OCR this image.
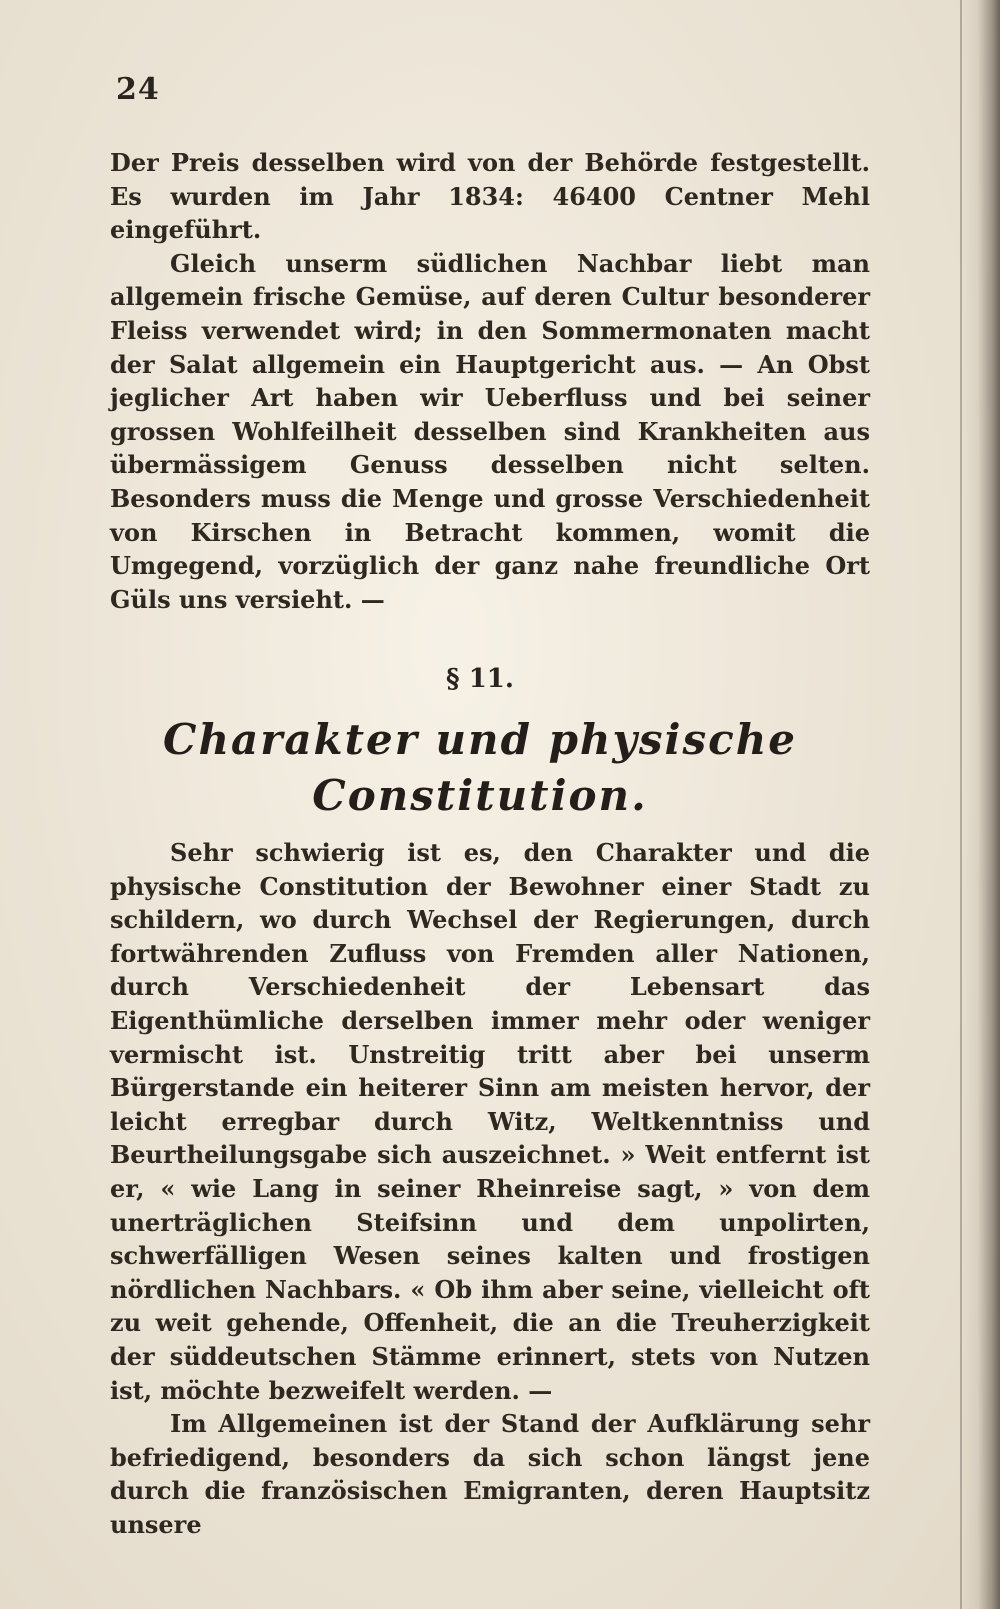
24

Der Preis desselben wird von der Behörde festgestellt. Es wurden im Jahr 1834: 46400 Centner Mehl eingeführt.

Gleich unserm südlichen Nachbar liebt man allgemein frische Gemüse, auf deren Cultur besonderer Fleiss verwendet wird; in den Sommermonaten macht der Salat allgemein ein Hauptgericht aus. — An Obst jeglicher Art haben wir Ueberfluss und bei seiner grossen Wohlfeilheit desselben sind Krankheiten aus übermässigem Genuss desselben nicht selten. Besonders muss die Menge und grosse Verschiedenheit von Kirschen in Betracht kommen, womit die Umgegend, vorzüglich der ganz nahe freundliche Ort Güls uns versieht. —

§ 11.
Charakter und physische
Constitution.

Sehr schwierig ist es, den Charakter und die physische Constitution der Bewohner einer Stadt zu schildern, wo durch Wechsel der Regierungen, durch fortwährenden Zufluss von Fremden aller Nationen, durch Verschiedenheit der Lebensart das Eigenthümliche derselben immer mehr oder weniger vermischt ist. Unstreitig tritt aber bei unserm Bürgerstande ein heiterer Sinn am meisten hervor, der leicht erregbar durch Witz, Weltkenntniss und Beurtheilungsgabe sich auszeichnet. » Weit entfernt ist er, « wie Lang in seiner Rheinreise sagt, » von dem unerträglichen Steifsinn und dem unpolirten, schwerfälligen Wesen seines kalten und frostigen nördlichen Nachbars. « Ob ihm aber seine, vielleicht oft zu weit gehende, Offenheit, die an die Treuherzigkeit der süddeutschen Stämme erinnert, stets von Nutzen ist, möchte bezweifelt werden. —

Im Allgemeinen ist der Stand der Aufklärung sehr befriedigend, besonders da sich schon längst jene durch die französischen Emigranten, deren Hauptsitz unsere
